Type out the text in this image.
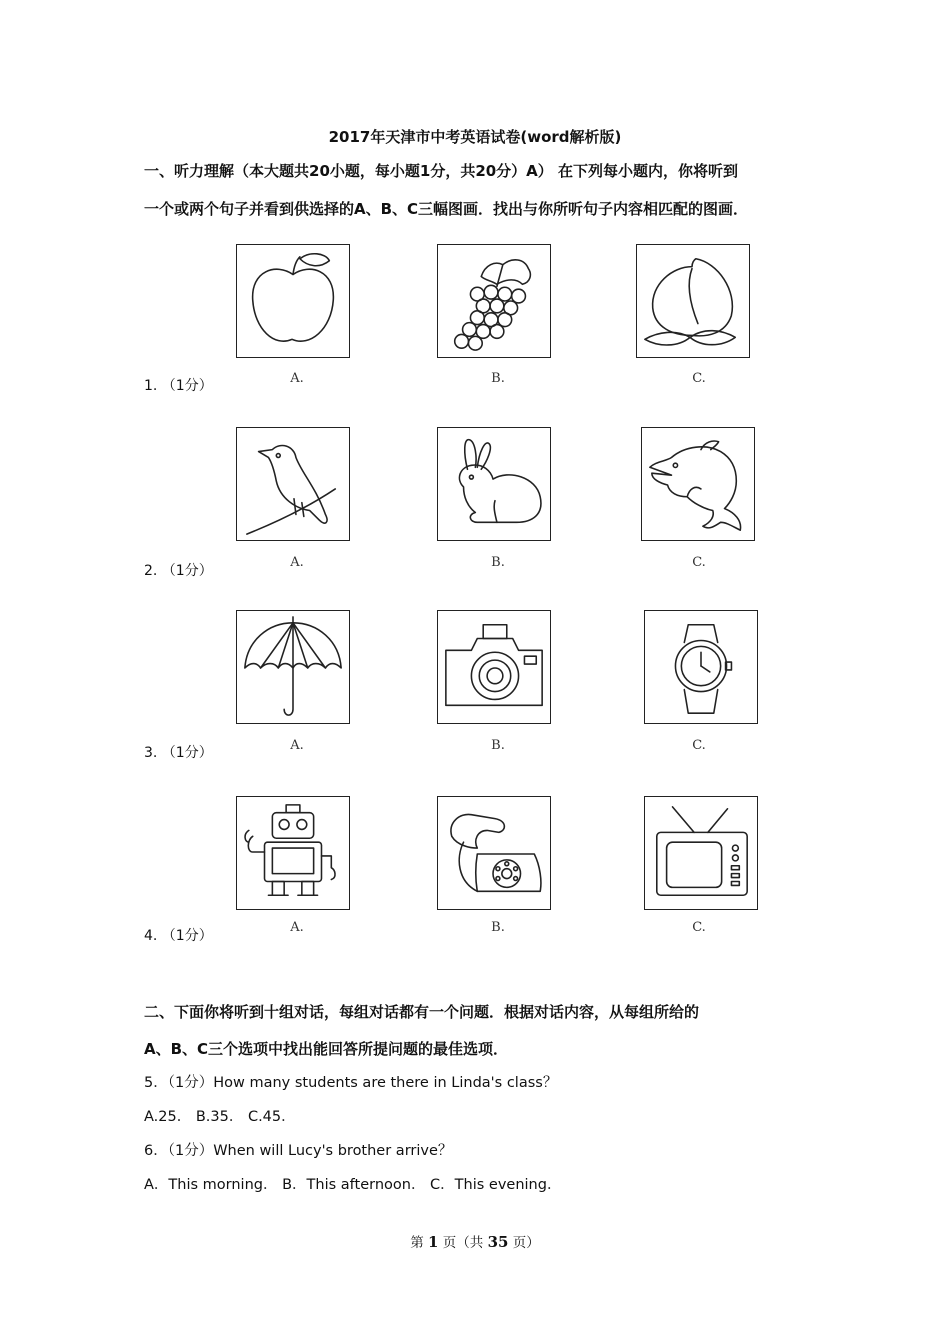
2017年天津市中考英语试卷(word解析版)
一、听力理解（本大题共20小题，每小题1分，共20分）A） 在下列每小题内，你将听到
一个或两个句子并看到供选择的A、B、C三幅图画．找出与你所听句子内容相匹配的图画．
1. （1分）	A.	B.	C.
2. （1分）
A.	B.	C.
3. （1分）	A.	B.	C.
4. （1分）
A.	B.	C.
二、下面你将听到十组对话，每组对话都有一个问题．根据对话内容，从每组所给的
A、B、C三个选项中找出能回答所提问题的最佳选项．
5．（1分）How many students are there in Linda's class？
A.25． B.35． C.45．
6．（1分）When will Lucy's brother arrive？
A．This morning． B．This afternoon． C．This evening．
第 1 页（共 35 页）
